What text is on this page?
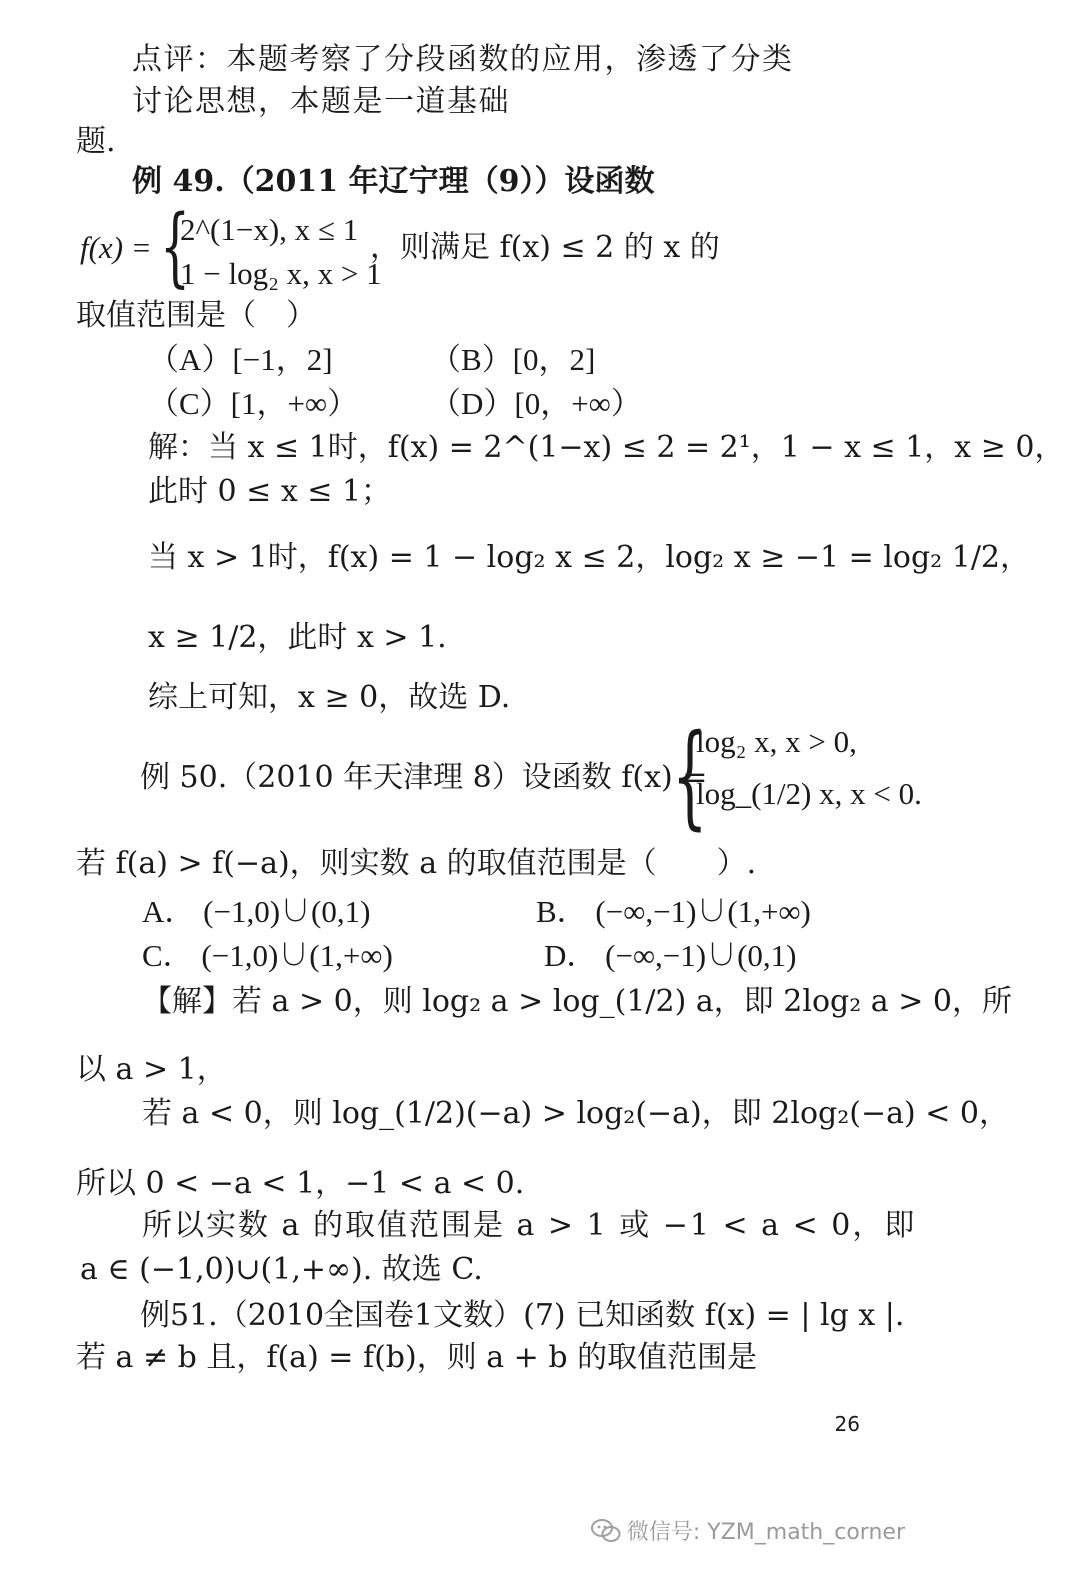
点评：本题考察了分段函数的应用，渗透了分类
讨论思想，本题是一道基础
题.
例 49.（2011 年辽宁理（9））设函数
f(x) = {
2^(1−x), x ≤ 1
1 − log₂ x, x > 1
，则满足 f(x) ≤ 2 的 x 的
取值范围是（　）
（A）[−1，2]	（B）[0，2]
（C）[1，+∞） （D）[0，+∞）
解：当 x ≤ 1时，f(x) = 2^(1−x) ≤ 2 = 2¹，1 − x ≤ 1，x ≥ 0，
此时 0 ≤ x ≤ 1；
当 x > 1时，f(x) = 1 − log₂ x ≤ 2，log₂ x ≥ −1 = log₂ 1/2，
x ≥ 1/2，此时 x > 1.
综上可知，x ≥ 0，故选 D.
例 50.（2010 年天津理 8）设函数 f(x) =
{
log₂ x, x > 0,
log_(1/2) x, x < 0.
若 f(a) > f(−a)，则实数 a 的取值范围是（　　）.
A． (−1,0)∪(0,1)	B． (−∞,−1)∪(1,+∞)
C． (−1,0)∪(1,+∞)	D． (−∞,−1)∪(0,1)
【解】若 a > 0，则 log₂ a > log_(1/2) a，即 2log₂ a > 0，所
以 a > 1，
若 a < 0，则 log_(1/2)(−a) > log₂(−a)，即 2log₂(−a) < 0，
所以 0 < −a < 1，−1 < a < 0.
所以实数 a 的取值范围是 a > 1 或 −1 < a < 0，即
a ∈ (−1,0)∪(1,+∞). 故选 C.
例51.（2010全国卷1文数）(7) 已知函数 f(x) = | lg x |.
若 a ≠ b 且，f(a) = f(b)，则 a + b 的取值范围是
26
微信号: YZM_math_corner
